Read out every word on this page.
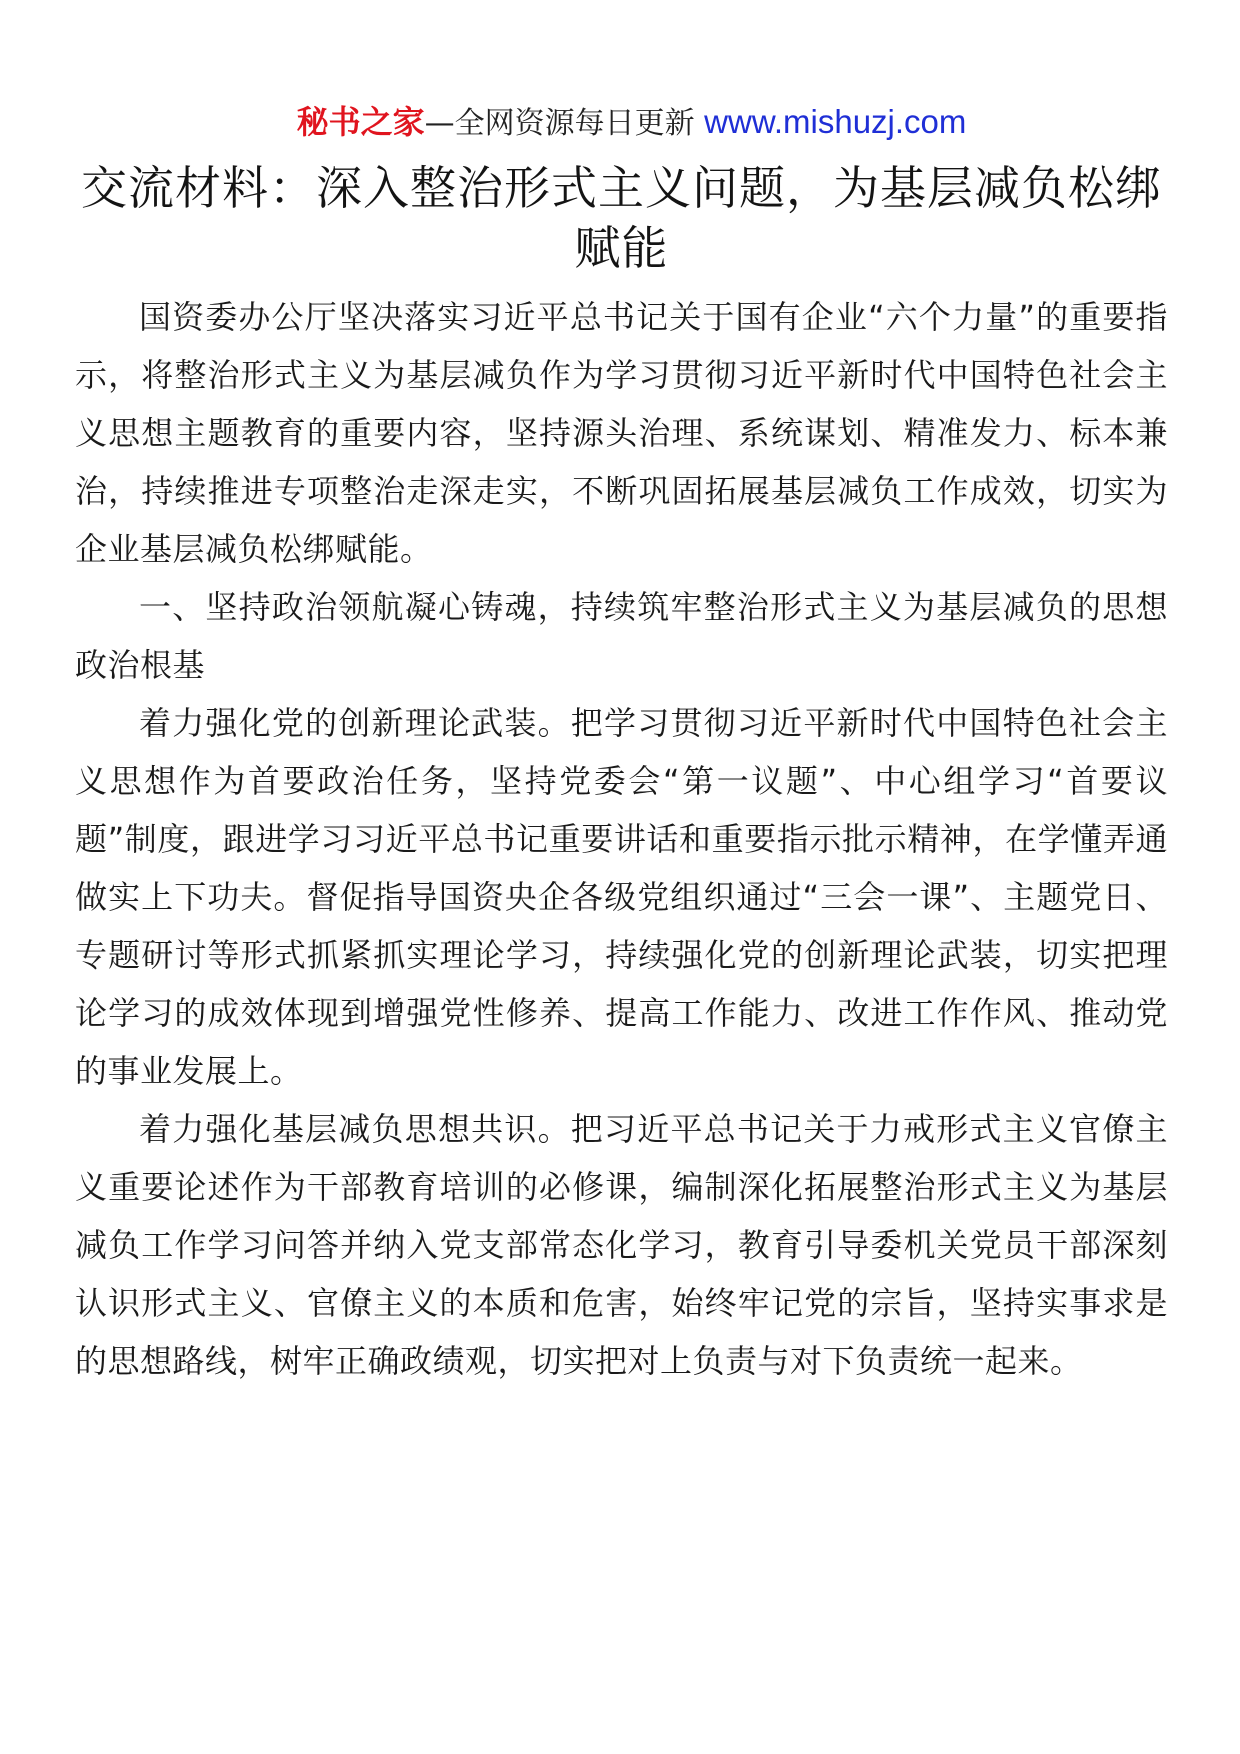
秘书之家—全网资源每日更新 www.mishuzj.com
交流材料：深入整治形式主义问题，为基层减负松绑赋能

国资委办公厅坚决落实习近平总书记关于国有企业“六个力量”的重要指示，将整治形式主义为基层减负作为学习贯彻习近平新时代中国特色社会主义思想主题教育的重要内容，坚持源头治理、系统谋划、精准发力、标本兼治，持续推进专项整治走深走实，不断巩固拓展基层减负工作成效，切实为企业基层减负松绑赋能。

一、坚持政治领航凝心铸魂，持续筑牢整治形式主义为基层减负的思想政治根基

着力强化党的创新理论武装。把学习贯彻习近平新时代中国特色社会主义思想作为首要政治任务，坚持党委会“第一议题”、中心组学习“首要议题”制度，跟进学习习近平总书记重要讲话和重要指示批示精神，在学懂弄通做实上下功夫。督促指导国资央企各级党组织通过“三会一课”、主题党日、专题研讨等形式抓紧抓实理论学习，持续强化党的创新理论武装，切实把理论学习的成效体现到增强党性修养、提高工作能力、改进工作作风、推动党的事业发展上。

着力强化基层减负思想共识。把习近平总书记关于力戒形式主义官僚主义重要论述作为干部教育培训的必修课，编制深化拓展整治形式主义为基层减负工作学习问答并纳入党支部常态化学习，教育引导委机关党员干部深刻认识形式主义、官僚主义的本质和危害，始终牢记党的宗旨，坚持实事求是的思想路线，树牢正确政绩观，切实把对上负责与对下负责统一起来。
